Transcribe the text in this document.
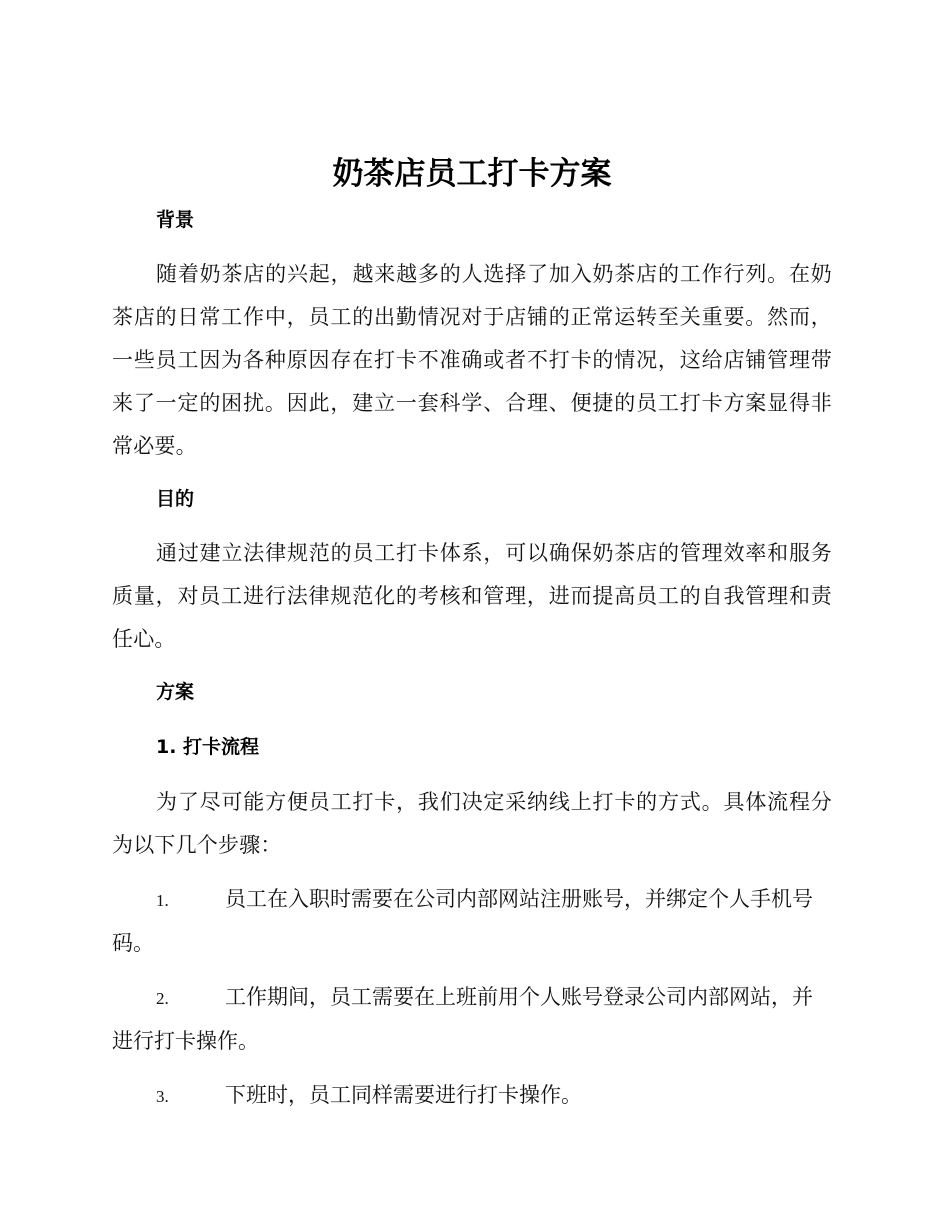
奶茶店员工打卡方案
背景

随着奶茶店的兴起，越来越多的人选择了加入奶茶店的工作行列。在奶茶店的日常工作中，员工的出勤情况对于店铺的正常运转至关重要。然而，一些员工因为各种原因存在打卡不准确或者不打卡的情况，这给店铺管理带来了一定的困扰。因此，建立一套科学、合理、便捷的员工打卡方案显得非常必要。

目的

通过建立法律规范的员工打卡体系，可以确保奶茶店的管理效率和服务质量，对员工进行法律规范化的考核和管理，进而提高员工的自我管理和责任心。

方案
1. 打卡流程

为了尽可能方便员工打卡，我们决定采纳线上打卡的方式。具体流程分为以下几个步骤：

1.	员工在入职时需要在公司内部网站注册账号，并绑定个人手机号码。

2.	工作期间，员工需要在上班前用个人账号登录公司内部网站，并进行打卡操作。

3.	下班时，员工同样需要进行打卡操作。
